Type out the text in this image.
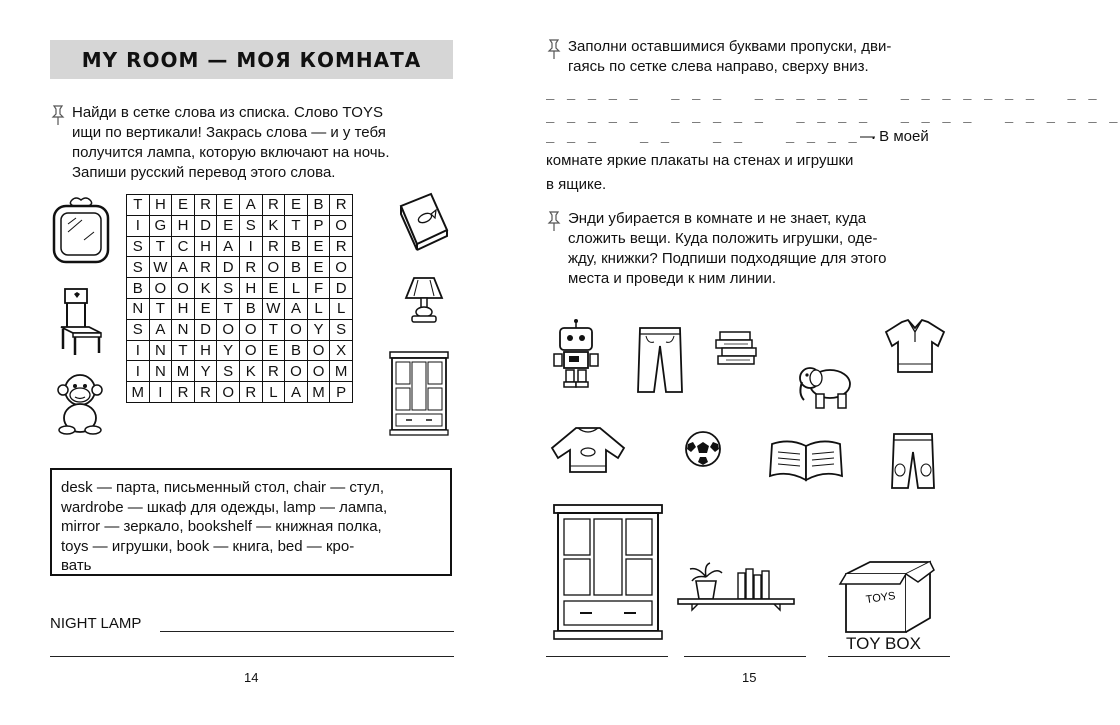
MY ROOM — МОЯ КОМНАТА
Найди в сетке слова из списка. Слово TOYS
ищи по вертикали! Закрась слова — и у тебя
получится лампа, которую включают на ночь.
Запиши русский перевод этого слова.
T	H	E	R	E	A	R	E	B	R
I	G	H	D	E	S	K	T	P	O
S	T	C	H	A	I	R	B	E	R
S	W	A	R	D	R	O	B	E	O
B	O	O	K	S	H	E	L	F	D
N	T	H	E	T	B	W	A	L	L
S	A	N	D	O	O	T	O	Y	S
I	N	T	H	Y	O	E	B	O	X
I	N	M	Y	S	K	R	O	O	M
M	I	R	R	O	R	L	A	M	P
desk — парта, письменный стол, chair — стул,
wardrobe — шкаф для одежды, lamp — лампа,
mirror — зеркало, bookshelf — книжная полка,
toys — игрушки, book — книга, bed — кро-
вать
NIGHT LAMP
14
Заполни оставшимися буквами пропуски, дви-
гаясь по сетке слева направо, сверху вниз.
_ _ _ _ _   _ _ _   _ _ _ _ _ _   _ _ _ _ _ _ _   _ _
_ _ _ _ _   _ _ _ _ _   _ _ _ _   _ _ _ _   _ _ _ _ _ _
_ _ _    _ _    _ _    _ _ _ _ .
— В моей
комнате яркие плакаты на стенах и игрушки
в ящике.
Энди убирается в комнате и не знает, куда
сложить вещи. Куда положить игрушки, оде-
жду, книжки? Подпиши подходящие для этого
места и проведи к ним линии.
TOYS
TOY BOX
15
